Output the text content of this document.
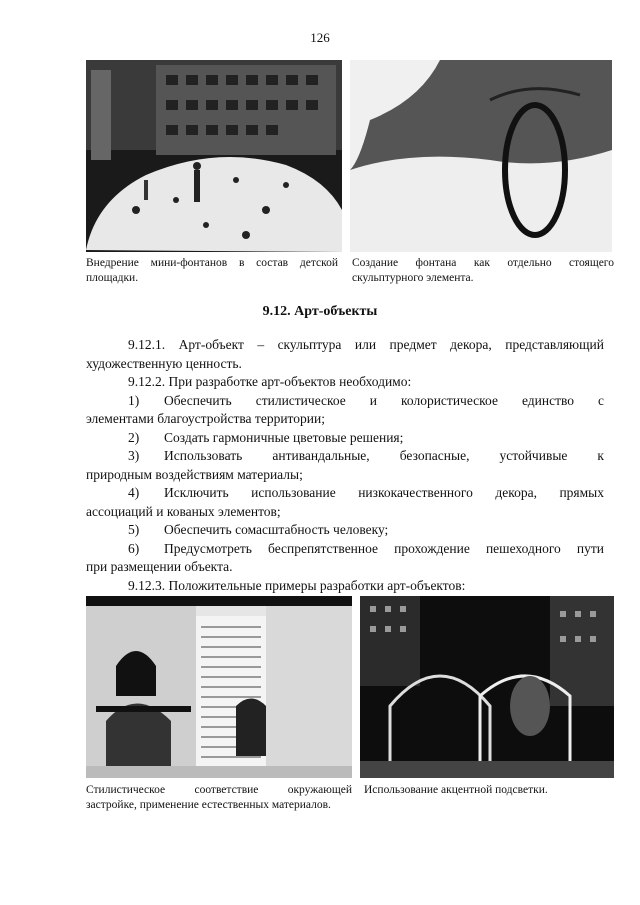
126
Внедрение мини-фонтанов в состав детской площадки.
Создание фонтана как отдельно стоящего скульптурного элемента.
9.12. Арт-объекты

9.12.1. Арт-объект – скульптура или предмет декора, представляющий художественную ценность.

9.12.2. При разработке арт-объектов необходимо:

1)	Обеспечить стилистическое и колористическое единство с

элементами благоустройства территории;

2)	Создать гармоничные цветовые решения;
3)	Использовать антивандальные, безопасные, устойчивые к

природным воздействиям материалы;

4)	Исключить использование низкокачественного декора, прямых

ассоциаций и кованых элементов;

5)	Обеспечить сомасштабность человеку;
6)	Предусмотреть беспрепятственное прохождение пешеходного пути

при размещении объекта.

9.12.3. Положительные примеры разработки арт-объектов:

Стилистическое соответствие окружающей застройке, применение естественных материалов.
Использование акцентной подсветки.
